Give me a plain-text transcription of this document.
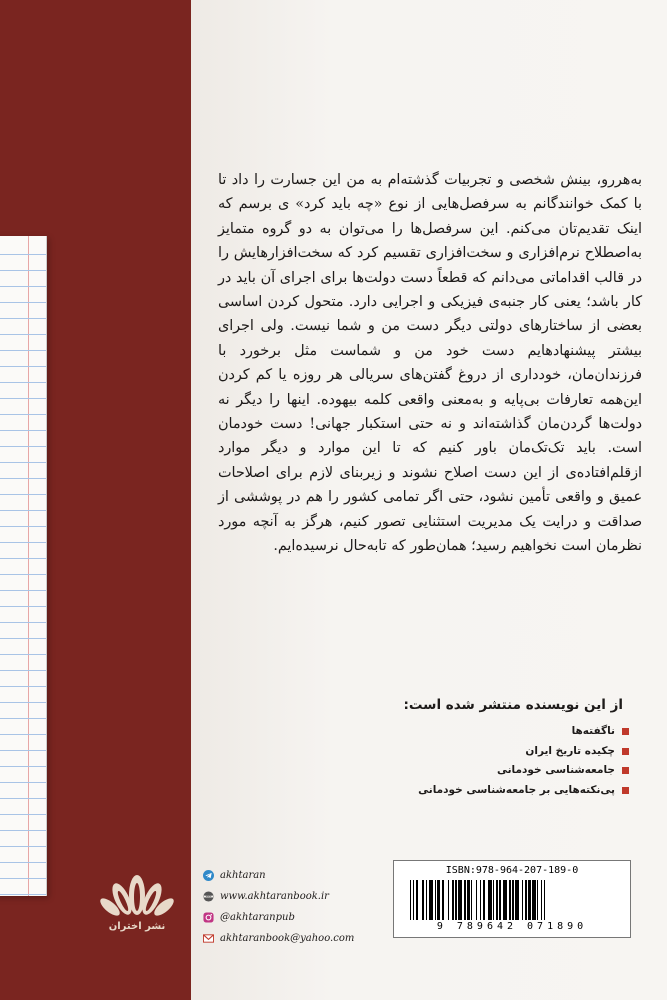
به‌هررو، بینش شخصی و تجربیات گذشته‌ام به من این جسارت را داد تا با کمک خوانندگانم به سرفصل‌هایی از نوع «چه باید کرد» ی برسم که اینک تقدیم‌تان می‌کنم. این سرفصل‌ها را می‌توان به دو گروه متمایز به‌اصطلاح نرم‌افزاری و سخت‌افزاری تقسیم کرد که سخت‌افزارهایش را در قالب اقداماتی می‌دانم که قطعاً دست دولت‌ها برای اجرای آن باید در کار باشد؛ یعنی کار جنبه‌ی فیزیکی و اجرایی دارد. متحول کردن اساسی بعضی از ساختارهای دولتی دیگر دست من و شما نیست. ولی اجرای بیشتر پیشنهادهایم دست خود من و شماست مثل برخورد با فرزندان‌مان، خودداری از دروغ گفتن‌های سریالی هر روزه یا کم کردن این‌همه تعارفات بی‌پایه و به‌معنی واقعی کلمه بیهوده. اینها را دیگر نه دولت‌ها گردن‌مان گذاشته‌اند و نه حتی استکبار جهانی! دست خودمان است. باید تک‌تک‌مان باور کنیم که تا این موارد و دیگر موارد ازقلم‌افتاده‌ی از این دست اصلاح نشوند و زیربنای لازم برای اصلاحات عمیق و واقعی تأمین نشود، حتی اگر تمامی کشور را هم در پوششی از صداقت و درایت یک مدیریت استثنایی تصور کنیم، هرگز به آنچه مورد نظرمان است نخواهیم رسید؛ همان‌طور که تابه‌حال نرسیده‌ایم.

از این نویسنده منتشر شده است:

ناگفته‌ها
چکیده تاریخ ایران
جامعه‌شناسی خودمانی
پی‌نکته‌هایی بر جامعه‌شناسی خودمانی
نشر اختران
akhtaran
www www.akhtaranbook.ir
@akhtaranpub
akhtaranbook@yahoo.com
ISBN:978-964-207-189-0
9 789642 071890
